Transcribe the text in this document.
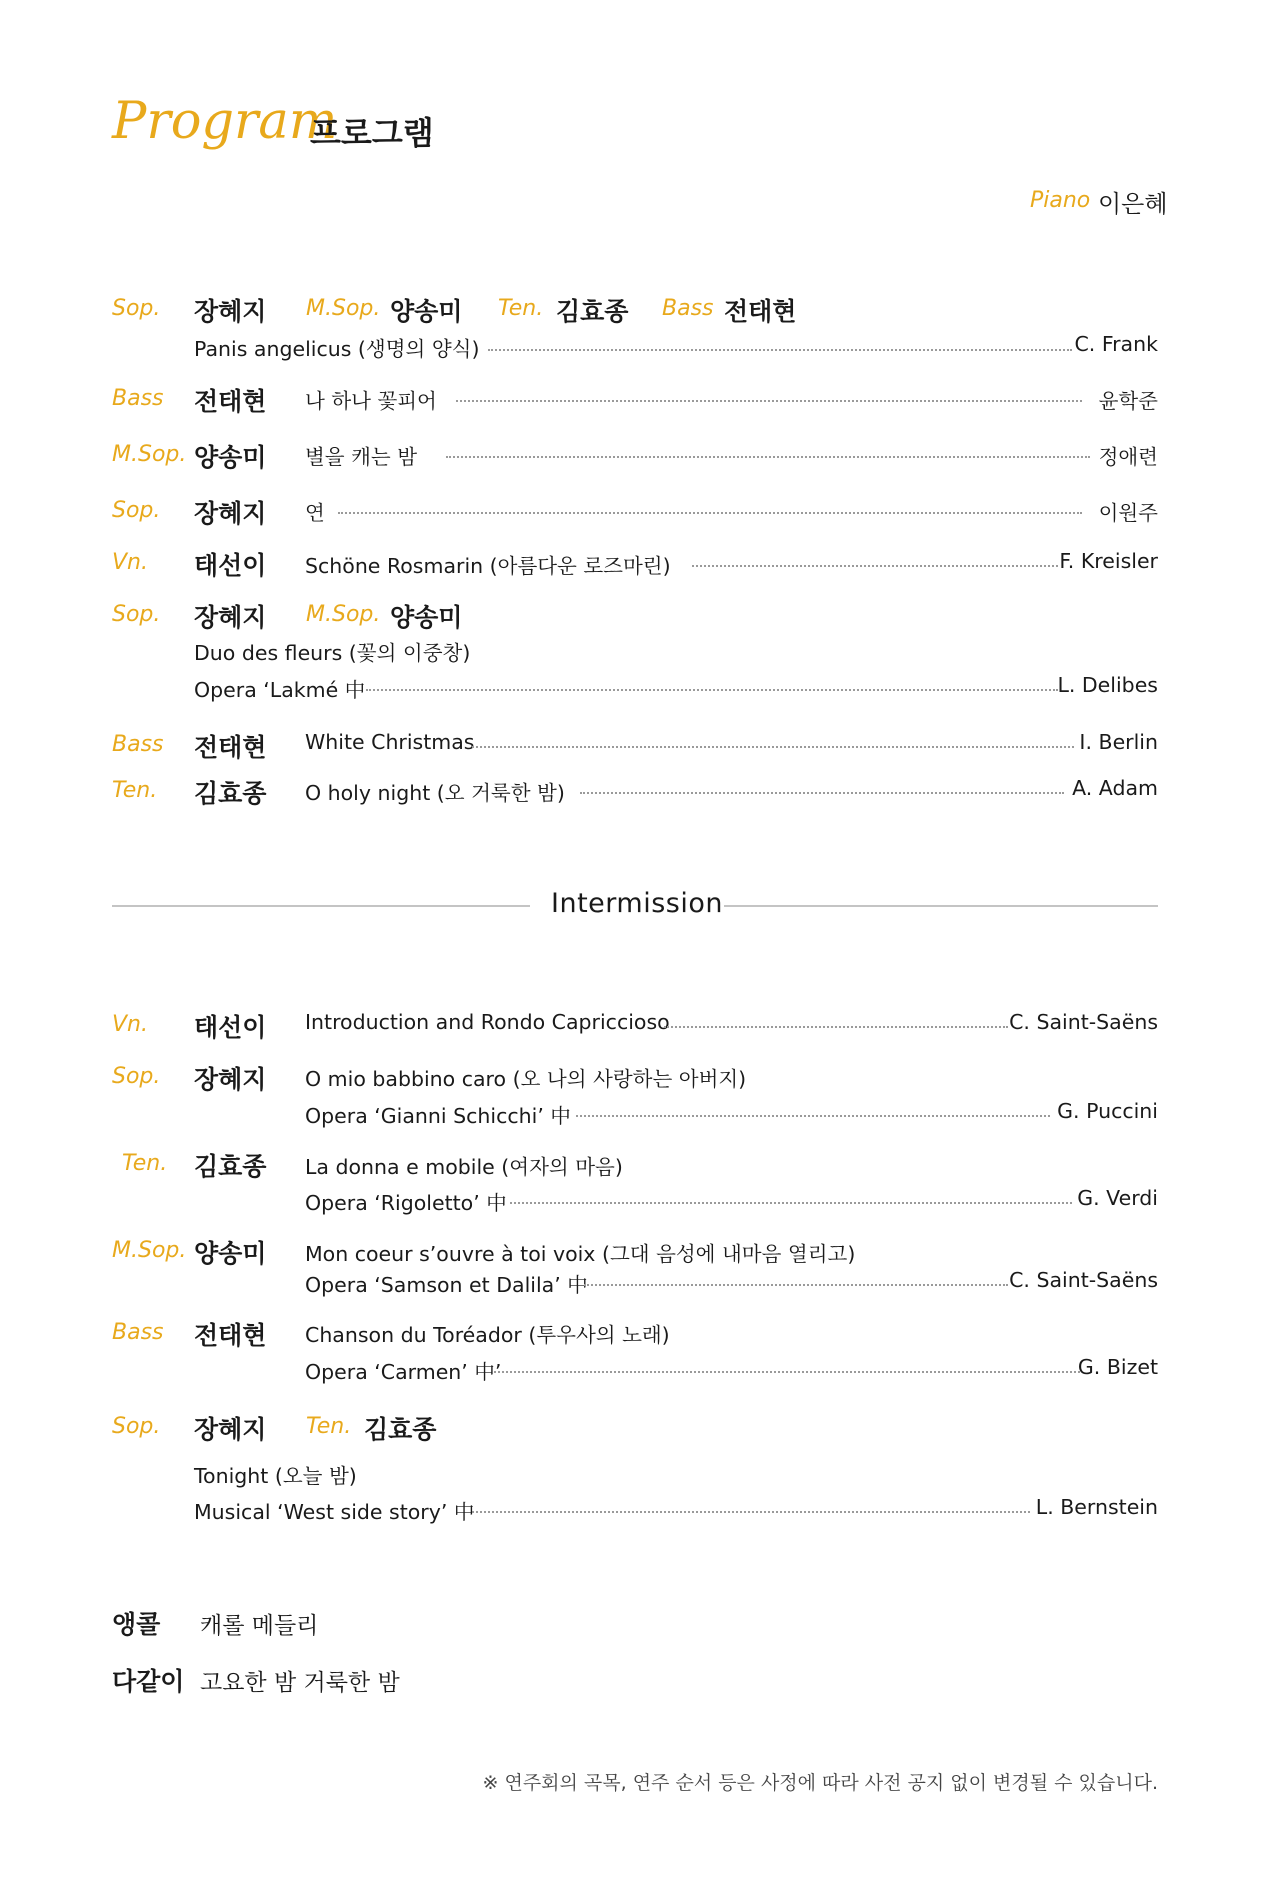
Program
프로그램
Piano 이은혜
Sop. 장혜지 M.Sop. 양송미 Ten. 김효종 Bass 전태현
Panis angelicus (생명의 양식)	C. Frank
Bass 전태현 나 하나 꽃피어	윤학준
M.Sop. 양송미 별을 캐는 밤	정애련
Sop. 장혜지 연	이원주
Vn. 태선이 Schöne Rosmarin (아름다운 로즈마린)	F. Kreisler
Sop. 장혜지 M.Sop. 양송미
Duo des fleurs (꽃의 이중창)
Opera ‘Lakmé 中	L. Delibes
Bass 전태현 White Christmas	I. Berlin
Ten. 김효종 O holy night (오 거룩한 밤)	A. Adam
Intermission
Vn. 태선이 Introduction and Rondo Capriccioso	C. Saint-Saëns
Sop. 장혜지 O mio babbino caro (오 나의 사랑하는 아버지)
Opera ‘Gianni Schicchi’ 中	G. Puccini
Ten. 김효종 La donna e mobile (여자의 마음)
Opera ‘Rigoletto’ 中	G. Verdi
M.Sop. 양송미 Mon coeur s’ouvre à toi voix (그대 음성에 내마음 열리고)
Opera ‘Samson et Dalila’ 中	C. Saint-Saëns
Bass 전태현 Chanson du Toréador (투우사의 노래)
Opera ‘Carmen’ 中’	G. Bizet
Sop. 장혜지 Ten. 김효종
Tonight (오늘 밤)
Musical ‘West side story’ 中	L. Bernstein
앵콜 캐롤 메들리
다같이 고요한 밤 거룩한 밤
※ 연주회의 곡목, 연주 순서 등은 사정에 따라 사전 공지 없이 변경될 수 있습니다.
